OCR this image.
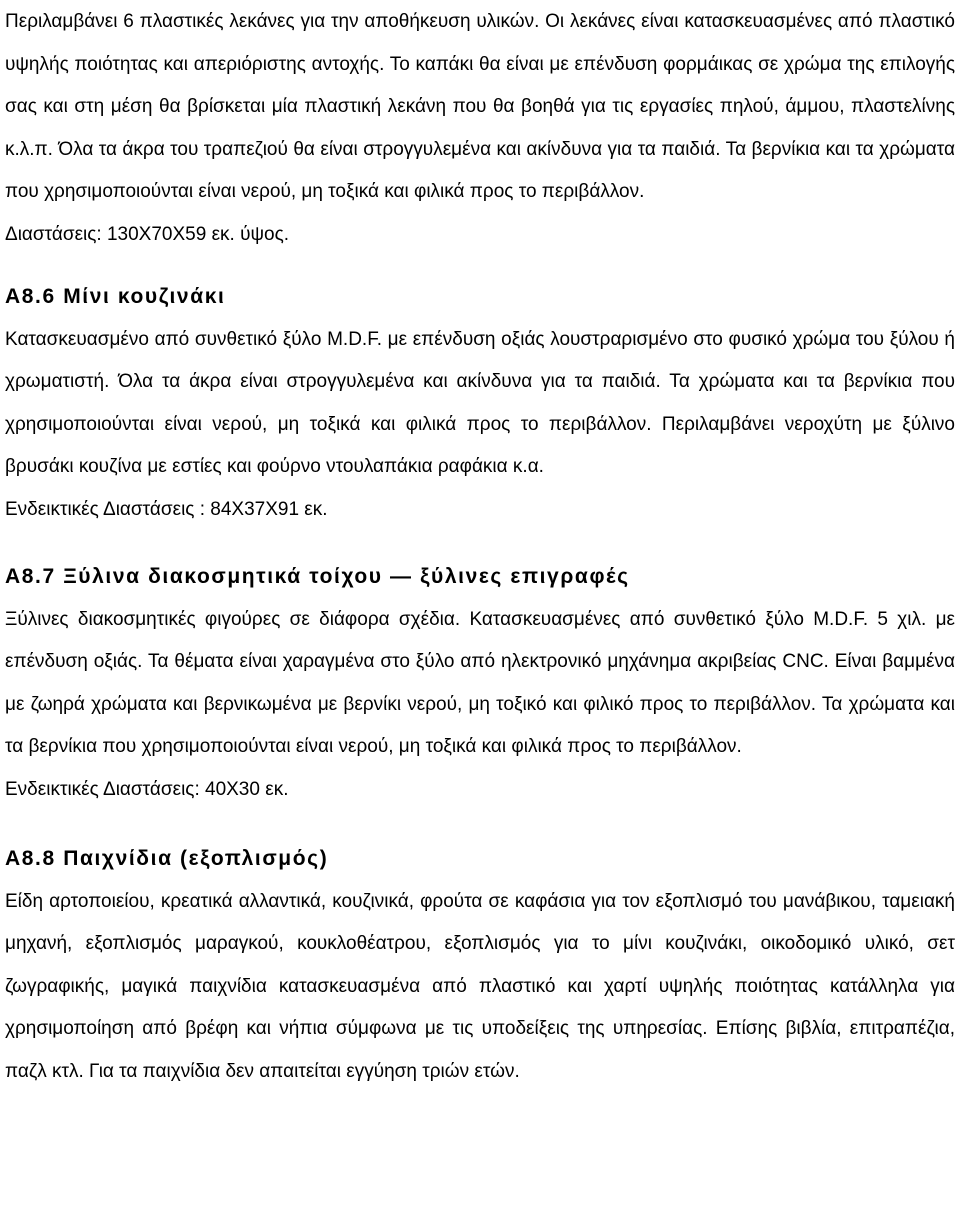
Περιλαμβάνει 6 πλαστικές λεκάνες για την αποθήκευση υλικών. Οι λεκάνες είναι κατασκευασμένες από πλαστικό υψηλής ποιότητας και απεριόριστης αντοχής. Το καπάκι θα είναι με επένδυση φορμάικας σε χρώμα της επιλογής σας και στη μέση θα βρίσκεται μία πλαστική λεκάνη που θα βοηθά για τις εργασίες πηλού, άμμου, πλαστελίνης κ.λ.π. Όλα τα άκρα του τραπεζιού θα είναι στρογγυλεμένα και ακίνδυνα για τα παιδιά. Τα βερνίκια και τα χρώματα που χρησιμοποιούνται είναι νερού, μη τοξικά και φιλικά προς το περιβάλλον.
Διαστάσεις: 130Χ70Χ59 εκ. ύψος.

Α8.6 Μίνι κουζινάκι

Κατασκευασμένο από συνθετικό ξύλο M.D.F. με επένδυση οξιάς λουστραρισμένο στο φυσικό χρώμα του ξύλου ή χρωματιστή. Όλα τα άκρα είναι στρογγυλεμένα και ακίνδυνα για τα παιδιά. Τα χρώματα και τα βερνίκια που χρησιμοποιούνται είναι νερού, μη τοξικά και φιλικά προς το περιβάλλον. Περιλαμβάνει νεροχύτη με ξύλινο βρυσάκι κουζίνα με εστίες και φούρνο ντουλαπάκια ραφάκια κ.α.
Ενδεικτικές Διαστάσεις : 84Χ37Χ91 εκ.

Α8.7 Ξύλινα διακοσμητικά τοίχου — ξύλινες επιγραφές

Ξύλινες διακοσμητικές φιγούρες σε διάφορα σχέδια. Κατασκευασμένες από συνθετικό ξύλο M.D.F. 5 χιλ. με επένδυση οξιάς. Τα θέματα είναι χαραγμένα στο ξύλο από ηλεκτρονικό μηχάνημα ακριβείας CNC. Είναι βαμμένα με ζωηρά χρώματα και βερνικωμένα με βερνίκι νερού, μη τοξικό και φιλικό προς το περιβάλλον. Τα χρώματα και τα βερνίκια που χρησιμοποιούνται είναι νερού, μη τοξικά και φιλικά προς το περιβάλλον.
Ενδεικτικές Διαστάσεις: 40Χ30 εκ.

Α8.8 Παιχνίδια (εξοπλισμός)

Είδη αρτοποιείου, κρεατικά αλλαντικά, κουζινικά, φρούτα σε καφάσια για τον εξοπλισμό του μανάβικου, ταμειακή μηχανή, εξοπλισμός μαραγκού, κουκλοθέατρου, εξοπλισμός για το μίνι κουζινάκι, οικοδομικό υλικό, σετ ζωγραφικής, μαγικά παιχνίδια κατασκευασμένα από πλαστικό και χαρτί υψηλής ποιότητας κατάλληλα για χρησιμοποίηση από βρέφη και νήπια σύμφωνα με τις υποδείξεις της υπηρεσίας. Επίσης βιβλία, επιτραπέζια, παζλ κτλ. Για τα παιχνίδια δεν απαιτείται εγγύηση τριών ετών.
